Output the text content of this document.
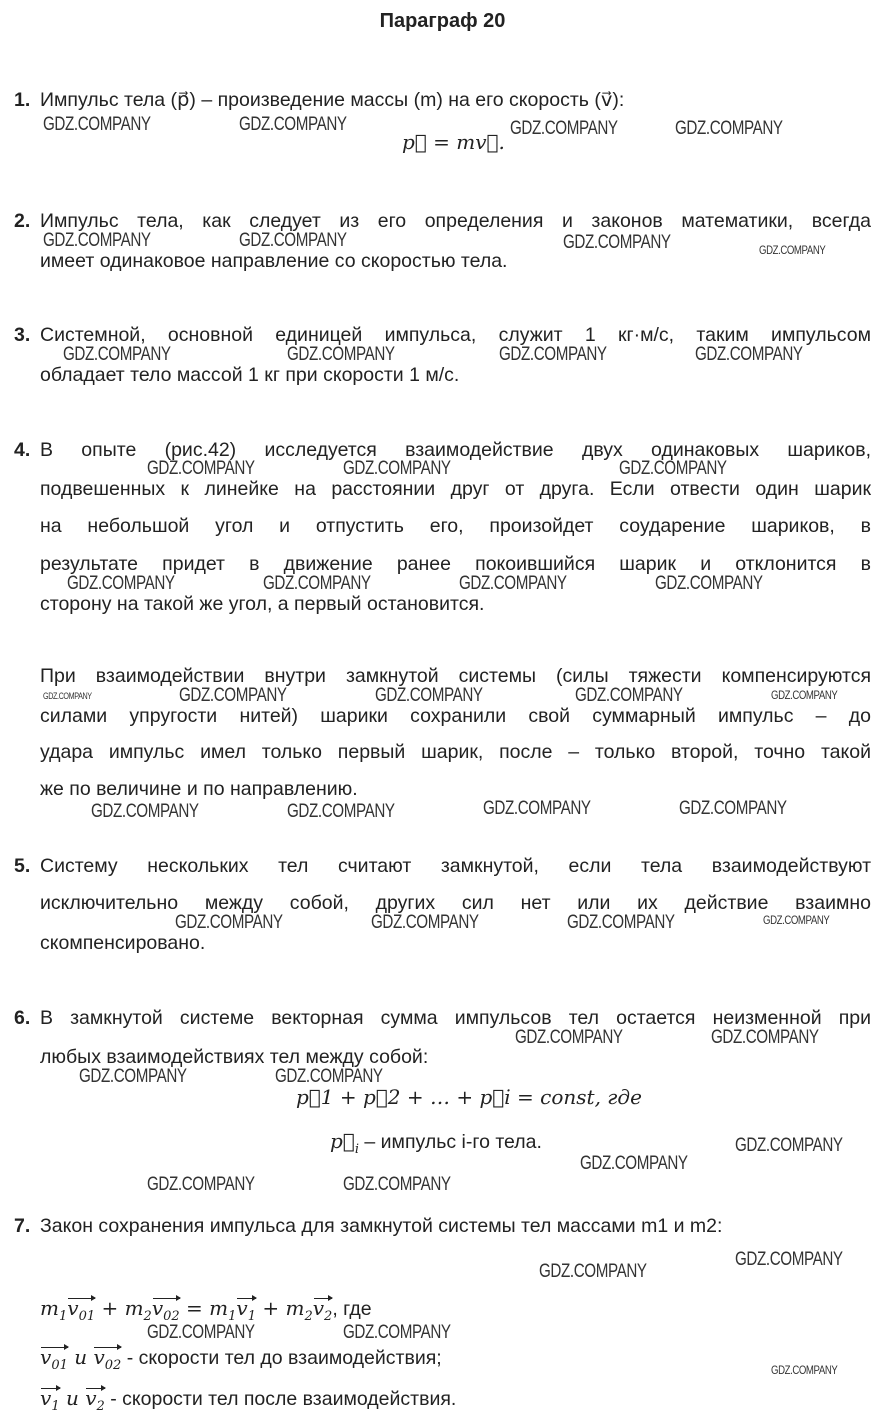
Параграф 20
1. Импульс тела (p⃗) – произведение массы (m) на его скорость (v⃗):
p⃗ = mv⃗.
2. Импульс тела, как следует из его определения и законов математики, всегда
имеет одинаковое направление со скоростью тела.
3. Системной, основной единицей импульса, служит 1 кг·м/с, таким импульсом
обладает тело массой 1 кг при скорости 1 м/с.
4. В опыте (рис.42) исследуется взаимодействие двух одинаковых шариков,
подвешенных к линейке на расстоянии друг от друга. Если отвести один шарик
на небольшой угол и отпустить его, произойдет соударение шариков, в
результате придет в движение ранее покоившийся шарик и отклонится в
сторону на такой же угол, а первый остановится.
При взаимодействии внутри замкнутой системы (силы тяжести компенсируются
силами упругости нитей) шарики сохранили свой суммарный импульс – до
удара импульс имел только первый шарик, после – только второй, точно такой
же по величине и по направлению.
5. Систему нескольких тел считают замкнутой, если тела взаимодействуют
исключительно между собой, других сил нет или их действие взаимно
скомпенсировано.
6. В замкнутой системе векторная сумма импульсов тел остается неизменной при
любых взаимодействиях тел между собой:
p⃗1 + p⃗2 + … + p⃗i = const, где
$p⃗_i$ – импульс i-го тела.
7. Закон сохранения импульса для замкнутой системы тел массами m1 и m2:
$m_1v_{01} + m_2v_{02} = m_1v_1 + m_2v_2$, где
$v_{01}$ и $v_{02}$ - скорости тел до взаимодействия;
$v_1$ и $v_2$ - скорости тел после взаимодействия.
GDZ.COMPANY	GDZ.COMPANY	GDZ.COMPANY	GDZ.COMPANY
GDZ.COMPANY	GDZ.COMPANY	GDZ.COMPANY	GDZ.COMPANY
GDZ.COMPANY	GDZ.COMPANY	GDZ.COMPANY	GDZ.COMPANY
GDZ.COMPANY	GDZ.COMPANY	GDZ.COMPANY
GDZ.COMPANY	GDZ.COMPANY	GDZ.COMPANY	GDZ.COMPANY
GDZ.COMPANY	GDZ.COMPANY	GDZ.COMPANY	GDZ.COMPANY	GDZ.COMPANY
GDZ.COMPANY	GDZ.COMPANY	GDZ.COMPANY	GDZ.COMPANY
GDZ.COMPANY	GDZ.COMPANY	GDZ.COMPANY	GDZ.COMPANY
GDZ.COMPANY	GDZ.COMPANY
GDZ.COMPANY	GDZ.COMPANY
GDZ.COMPANY
GDZ.COMPANY
GDZ.COMPANY	GDZ.COMPANY
GDZ.COMPANY
GDZ.COMPANY
GDZ.COMPANY	GDZ.COMPANY
GDZ.COMPANY
